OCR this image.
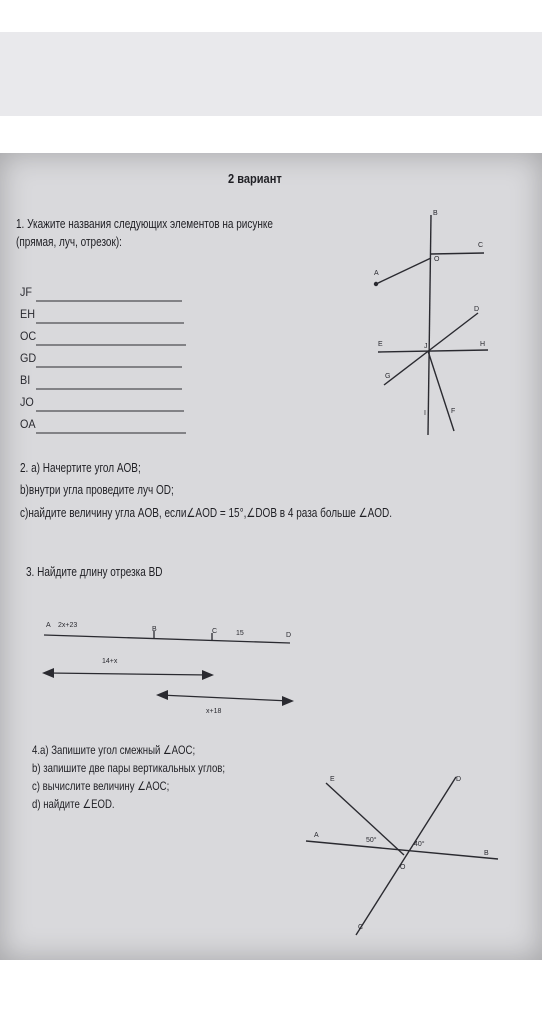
2 вариант
1. Укажите названия следующих элементов на рисунке
(прямая, луч, отрезок):
JF
EH
OC
GD
BI
JO
OA
2. а) Начертите угол AOB;
b)внутри угла проведите луч OD;
c)найдите величину угла AOB, если∠AOD = 15°,∠DOB в 4 раза больше ∠AOD.
3. Найдите длину отрезка BD
4.а) Запишите угол смежный ∠AOC;
b) запишите две пары вертикальных углов;
c) вычислите величину ∠AOC;
d) найдите ∠EOD.
B
C
A
O
D
E	H
J
G
I	F
A 2x+23
B	C	15	D
14+x
x+18
A
B
C
D
E
O
50°
40°
